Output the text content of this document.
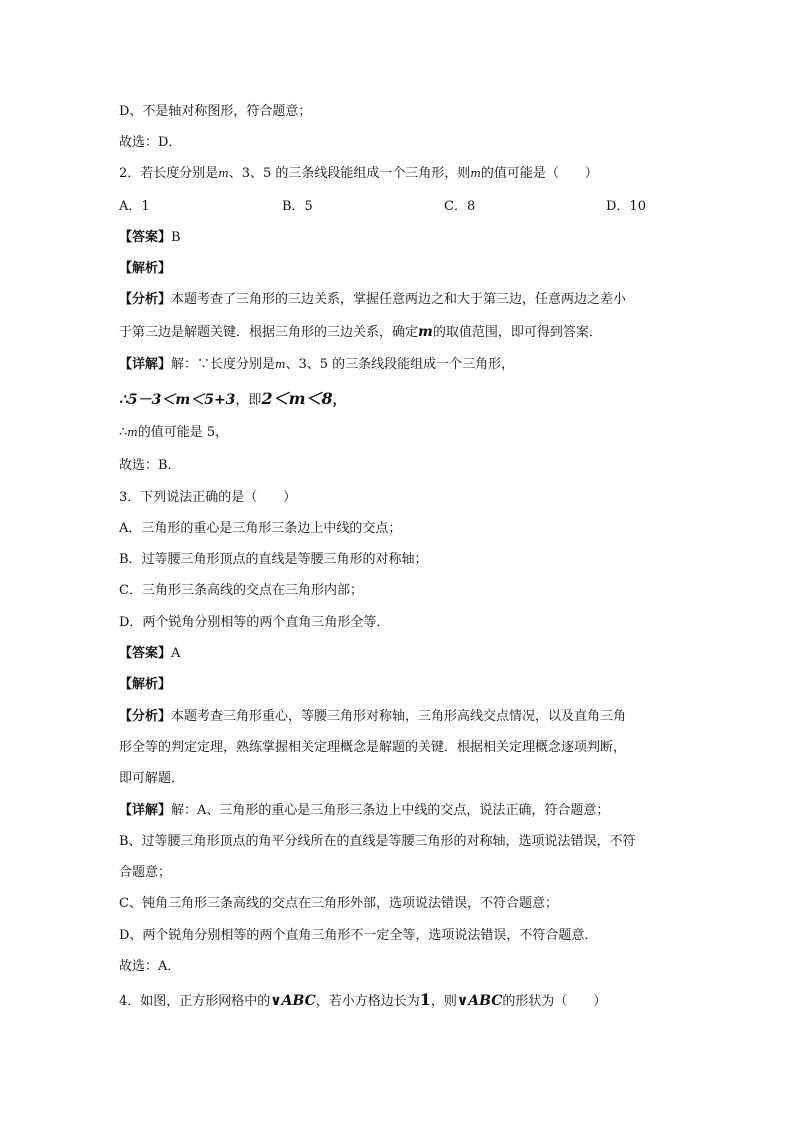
D、不是轴对称图形，符合题意；
故选：D．
2．若长度分别是m、3、5 的三条线段能组成一个三角形，则m的值可能是（　　）
A．1	B．5	C．8	D．10
【答案】B
【解析】
【分析】本题考查了三角形的三边关系，掌握任意两边之和大于第三边，任意两边之差小
于第三边是解题关键．根据三角形的三边关系，确定m的取值范围，即可得到答案．
【详解】解：∵长度分别是m、3、5 的三条线段能组成一个三角形，
∴5－3＜m＜5+3，即2＜m＜8，
∴m的值可能是 5，
故选：B．
3．下列说法正确的是（　　）
A．三角形的重心是三角形三条边上中线的交点；
B．过等腰三角形顶点的直线是等腰三角形的对称轴；
C．三角形三条高线的交点在三角形内部；
D．两个锐角分别相等的两个直角三角形全等．
【答案】A
【解析】
【分析】本题考查三角形重心，等腰三角形对称轴，三角形高线交点情况，以及直角三角
形全等的判定定理，熟练掌握相关定理概念是解题的关键．根据相关定理概念逐项判断，
即可解题．
【详解】解：A、三角形的重心是三角形三条边上中线的交点，说法正确，符合题意；
B、过等腰三角形顶点的角平分线所在的直线是等腰三角形的对称轴，选项说法错误，不符
合题意；
C、钝角三角形三条高线的交点在三角形外部，选项说法错误，不符合题意；
D、两个锐角分别相等的两个直角三角形不一定全等，选项说法错误，不符合题意．
故选：A．
4．如图，正方形网格中的∨ABC，若小方格边长为1，则∨ABC的形状为（　　）
